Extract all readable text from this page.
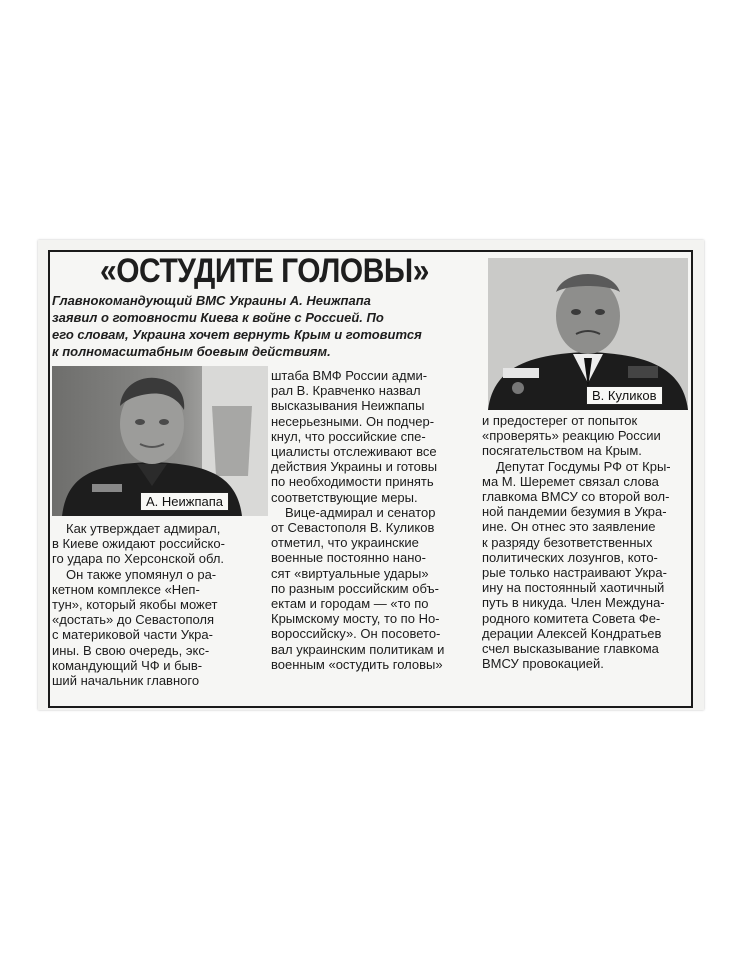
«ОСТУДИТЕ ГОЛОВЫ»
Главнокомандующий ВМС Украины А. Неижпапа
заявил о готовности Киева к войне с Россией. По
его словам, Украина хочет вернуть Крым и готовится
к полномасштабным боевым действиям.
А. Неижпапа
В. Куликов
Как утверждает адмирал,
в Киеве ожидают российско-
го удара по Херсонской обл.
Он также упомянул о ра-
кетном комплексе «Неп-
тун», который якобы может
«достать» до Севастополя
с материковой части Укра-
ины. В свою очередь, экс-
командующий ЧФ и быв-
ший начальник главного
штаба ВМФ России адми-
рал В. Кравченко назвал
высказывания Неижпапы
несерьезными. Он подчер-
кнул, что российские спе-
циалисты отслеживают все
действия Украины и готовы
по необходимости принять
соответствующие меры.
Вице-адмирал и сенатор
от Севастополя В. Куликов
отметил, что украинские
военные постоянно нано-
сят «виртуальные удары»
по разным российским объ-
ектам и городам — «то по
Крымскому мосту, то по Но-
вороссийску». Он посовето-
вал украинским политикам и
военным «остудить головы»
и предостерег от попыток
«проверять» реакцию России
посягательством на Крым.
Депутат Госдумы РФ от Кры-
ма М. Шеремет связал слова
главкома ВМСУ со второй вол-
ной пандемии безумия в Укра-
ине. Он отнес это заявление
к разряду безответственных
политических лозунгов, кото-
рые только настраивают Укра-
ину на постоянный хаотичный
путь в никуда. Член Междуна-
родного комитета Совета Фе-
дерации Алексей Кондратьев
счел высказывание главкома
ВМСУ провокацией.
